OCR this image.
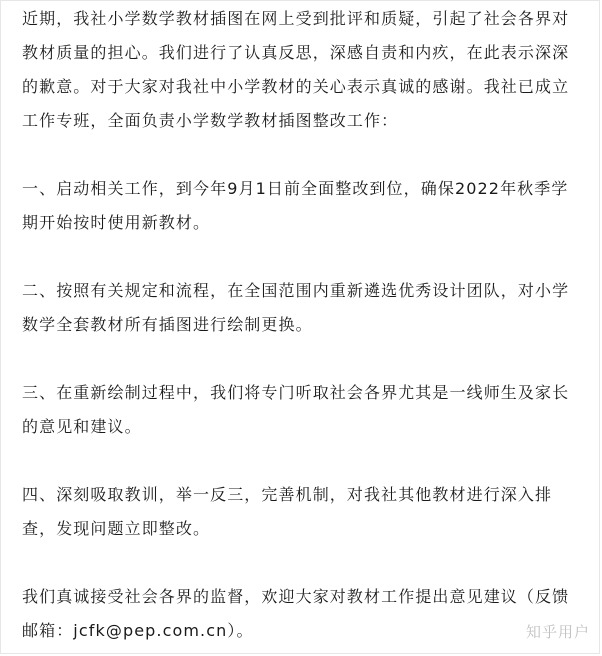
近期，我社小学数学教材插图在网上受到批评和质疑，引起了社会各界对教材质量的担心。我们进行了认真反思，深感自责和内疚，在此表示深深的歉意。对于大家对我社中小学教材的关心表示真诚的感谢。我社已成立工作专班，全面负责小学数学教材插图整改工作：

一、启动相关工作，到今年9月1日前全面整改到位，确保2022年秋季学期开始按时使用新教材。

二、按照有关规定和流程，在全国范围内重新遴选优秀设计团队，对小学数学全套教材所有插图进行绘制更换。

三、在重新绘制过程中，我们将专门听取社会各界尤其是一线师生及家长的意见和建议。

四、深刻吸取教训，举一反三，完善机制，对我社其他教材进行深入排查，发现问题立即整改。

我们真诚接受社会各界的监督，欢迎大家对教材工作提出意见建议（反馈邮箱：jcfk@pep.com.cn）。	知乎用户
